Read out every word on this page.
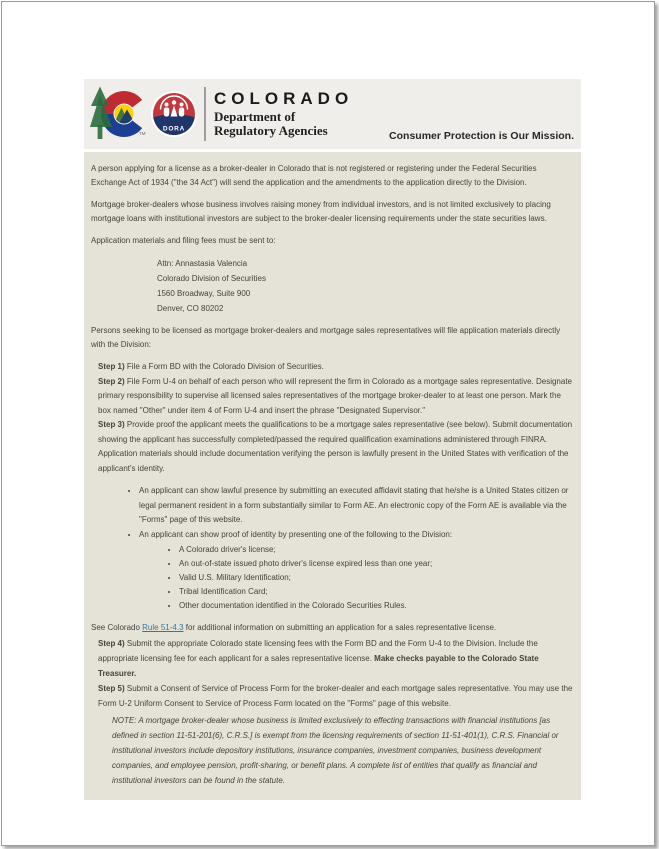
TM
DORA
COLORADO
Department of
Regulatory Agencies	Consumer Protection is Our Mission.

A person applying for a license as a broker-dealer in Colorado that is not registered or registering under the Federal Securities Exchange Act of 1934 ("the 34 Act") will send the application and the amendments to the application directly to the Division.

Mortgage broker-dealers whose business involves raising money from individual investors, and is not limited exclusively to placing mortgage loans with institutional investors are subject to the broker-dealer licensing requirements under the state securities laws.

Application materials and filing fees must be sent to:

Attn: Annastasia Valencia
Colorado Division of Securities
1560 Broadway, Suite 900
Denver, CO 80202

Persons seeking to be licensed as mortgage broker-dealers and mortgage sales representatives will file application materials directly with the Division:

Step 1) File a Form BD with the Colorado Division of Securities.

Step 2) File Form U-4 on behalf of each person who will represent the firm in Colorado as a mortgage sales representative. Designate primary responsibility to supervise all licensed sales representatives of the mortgage broker-dealer to at least one person. Mark the box named "Other" under item 4 of Form U-4 and insert the phrase "Designated Supervisor."

Step 3) Provide proof the applicant meets the qualifications to be a mortgage sales representative (see below). Submit documentation showing the applicant has successfully completed/passed the required qualification examinations administered through FINRA.

Application materials should include documentation verifying the person is lawfully present in the United States with verification of the applicant's identity.

• An applicant can show lawful presence by submitting an executed affidavit stating that he/she is a United States citizen or legal permanent resident in a form substantially similar to Form AE. An electronic copy of the Form AE is available via the "Forms" page of this website.
• An applicant can show proof of identity by presenting one of the following to the Division:
• A Colorado driver's license;
• An out-of-state issued photo driver's license expired less than one year;
• Valid U.S. Military Identification;
• Tribal Identification Card;
• Other documentation identified in the Colorado Securities Rules.

See Colorado Rule 51-4.3 for additional information on submitting an application for a sales representative license.

Step 4) Submit the appropriate Colorado state licensing fees with the Form BD and the Form U-4 to the Division. Include the appropriate licensing fee for each applicant for a sales representative license. Make checks payable to the Colorado State Treasurer.

Step 5) Submit a Consent of Service of Process Form for the broker-dealer and each mortgage sales representative. You may use the Form U-2 Uniform Consent to Service of Process Form located on the "Forms" page of this website.

NOTE: A mortgage broker-dealer whose business is limited exclusively to effecting transactions with financial institutions [as defined in section 11-51-201(6), C.R.S.] is exempt from the licensing requirements of section 11-51-401(1), C.R.S. Financial or institutional investors include depository institutions, insurance companies, investment companies, business development companies, and employee pension, profit-sharing, or benefit plans. A complete list of entities that qualify as financial and institutional investors can be found in the statute.
